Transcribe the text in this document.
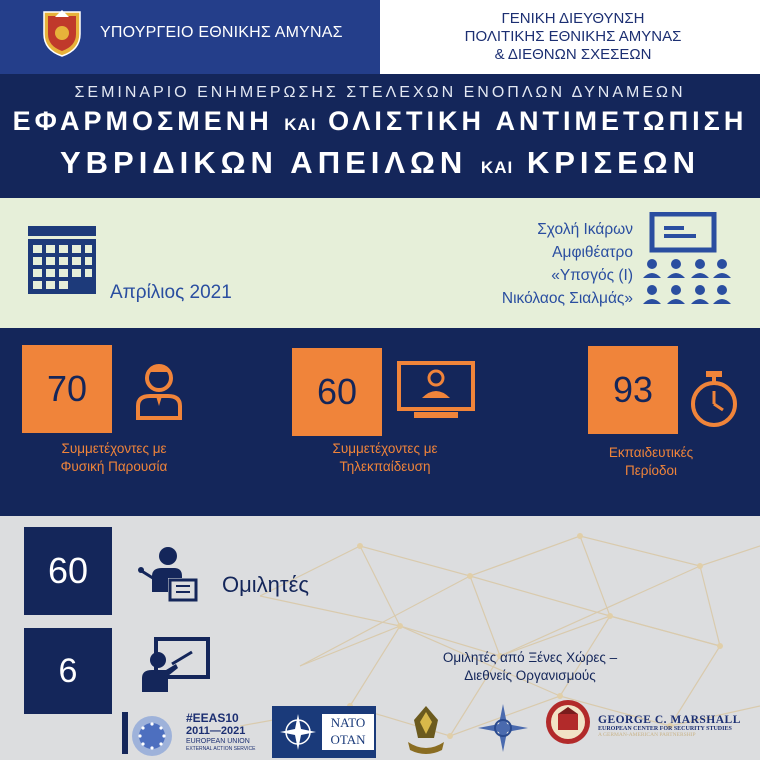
ΥΠΟΥΡΓΕΙΟ ΕΘΝΙΚΗΣ ΑΜΥΝΑΣ
ΓΕΝΙΚΗ ΔΙΕΥΘΥΝΣΗ
ΠΟΛΙΤΙΚΗΣ ΕΘΝΙΚΗΣ ΑΜΥΝΑΣ
& ΔΙΕΘΝΩΝ ΣΧΕΣΕΩΝ
ΣΕΜΙΝΑΡΙΟ ΕΝΗΜΕΡΩΣΗΣ ΣΤΕΛΕΧΩΝ ΕΝΟΠΛΩΝ ΔΥΝΑΜΕΩΝ
ΕΦΑΡΜΟΣΜΕΝΗ ΚΑΙ ΟΛΙΣΤΙΚΗ ΑΝΤΙΜΕΤΩΠΙΣΗ
ΥΒΡΙΔΙΚΩΝ ΑΠΕΙΛΩΝ ΚΑΙ ΚΡΙΣΕΩΝ
Απρίλιος 2021
Σχολή Ικάρων
Αμφιθέατρο
«Υπσγός (Ι)
Νικόλαος Σιαλμάς»
70
Συμμετέχοντες με
Φυσική Παρουσία
60
Συμμετέχοντες με
Τηλεκπαίδευση
93
Εκπαιδευτικές
Περίοδοι
60	Ομιλητές
6	Ομιλητές από Ξένες Χώρες –
Διεθνείς Οργανισμούς
#EEAS10
2011—2021
EUROPEAN UNION
EXTERNAL ACTION SERVICE
NATO
OTAN
GEORGE C. MARSHALL
EUROPEAN CENTER FOR SECURITY STUDIES
A GERMAN-AMERICAN PARTNERSHIP
